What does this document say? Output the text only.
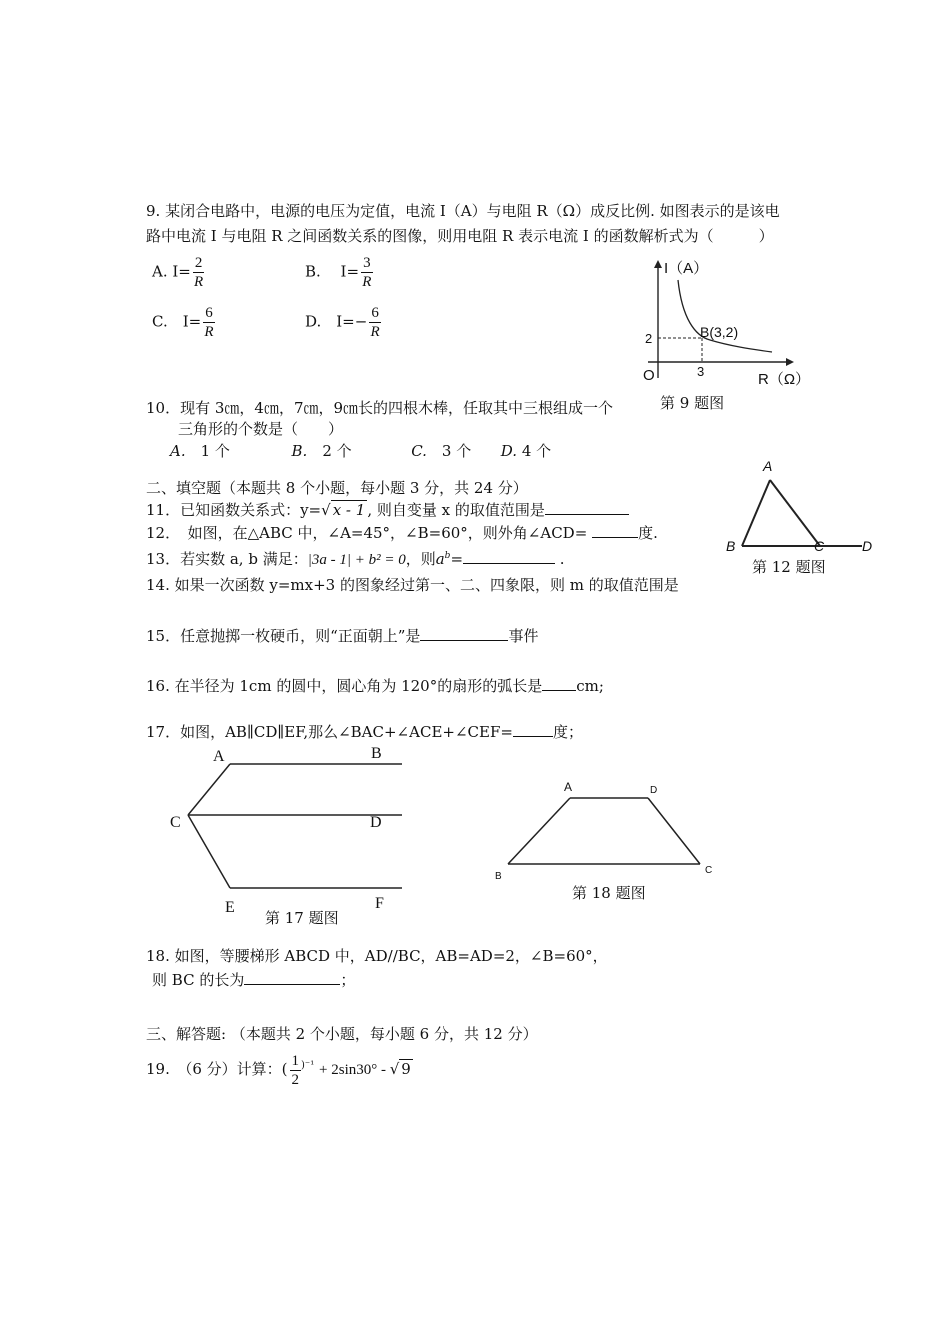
9. 某闭合电路中，电源的电压为定值，电流 I（A）与电阻 R（Ω）成反比例. 如图表示的是该电
路中电流 I 与电阻 R 之间函数关系的图像，则用电阻 R 表示电流 I 的函数解析式为（　　　）
A. $I= \frac{2}{R}$	B.　 $I= \frac{3}{R}$
C.　$I= \frac{6}{R}$	D.　$I=- \frac{6}{R}$
I（A）
R（Ω）
O
B(3,2)
3
2
第 9 题图
10．现有 3㎝，4㎝，7㎝，9㎝长的四根木棒，任取其中三根组成一个
三角形的个数是（　　）
A.　 1 个	B.　 2 个	C.　 3 个 D. 4 个
二、填空题（本题共 8 个小题，每小题 3 分，共 24 分）
11．已知函数关系式：y=√ x - 1 , 则自变量 x 的取值范围是
12．　如图，在△ABC 中，∠A=45°，∠B=60°，则外角∠ACD=	度.
A
B	C	D
第 12 题图
13．若实数 a, b 满足：|3a - 1| + b² = 0，则$a^b=$	.
14. 如果一次函数 y=mx+3 的图象经过第一、二、四象限，则 m 的取值范围是
15．任意抛掷一枚硬币，则“正面朝上”是	事件
16. 在半径为 1cm 的圆中，圆心角为 120°的扇形的弧长是 cm;
17．如图，AB∥CD∥EF,那么∠BAC+∠ACE+∠CEF=	度；
A	B
C	D
E	F
第 17 题图
A	D
B
C
第 18 题图
18. 如图，等腰梯形 ABCD 中，AD//BC，AB=AD=2，∠B=60°，
则 BC 的长为	；
三、解答题: （本题共 2 个小题，每小题 6 分，共 12 分）
19.　（6 分）计算：( $\frac{1}{2} ^{)^{-1}} + 2\sin 30^\circ$ - √ 9
